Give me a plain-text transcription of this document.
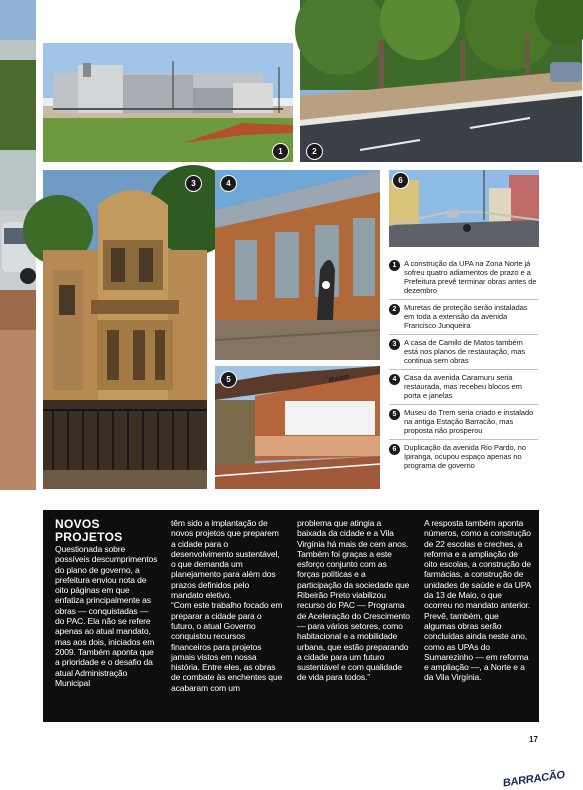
1	2
3	4
BARRACÃO
BARR
5
6
1 A construção da UPA na Zona Norte já sofreu quatro adiamentos de prazo e a Prefeitura prevê terminar obras antes de dezembro
2 Muretas de proteção serão instaladas em toda a extensão da avenida Francisco Junqueira
3 A casa de Camilo de Matos também está nos planos de restauração, mas continua sem obras
4 Casa da avenida Caramuru seria restaurada, mas recebeu blocos em porta e janelas
5 Museu do Trem seria criado e instalado na antiga Estação Barracão, mas proposta não prosperou
6 Duplicação da avenida Rio Pardo, no Ipiranga, ocupou espaço apenas no programa de governo
NOVOS PROJETOS

Questionada sobre possíveis descumprimentos do plano de governo, a prefeitura enviou nota de oito páginas em que enfatiza principalmente as obras — conquistadas — do PAC. Ela não se refere apenas ao atual mandato, mas aos dois, iniciados em 2009. Também aponta que a prioridade e o desafio da atual Administração Municipal

têm sido a implantação de novos projetos que preparem a cidade para o desenvolvimento sustentável, o que demanda um planejamento para além dos prazos definidos pelo mandato eletivo.

“Com este trabalho focado em preparar a cidade para o futuro, o atual Governo conquistou recursos financeiros para projetos jamais vistos em nossa história. Entre eles, as obras de combate às enchentes que acabaram com um

problema que atingia a baixada da cidade e a Vila Virgínia há mais de cem anos. Também foi graças a este esforço conjunto com as forças políticas e a participação da sociedade que Ribeirão Preto viabilizou recurso do PAC — Programa de Aceleração do Crescimento — para vários setores, como habitacional e a mobilidade urbana, que estão preparando a cidade para um futuro sustentável e com qualidade de vida para todos.”

A resposta também aponta números, como a construção de 22 escolas e creches, a reforma e a ampliação de oito escolas, a construção de farmácias, a construção de unidades de saúde e da UPA da 13 de Maio, o que ocorreu no mandato anterior. Prevê, também, que algumas obras serão concluídas ainda neste ano, como as UPAs do Sumarezinho — em reforma e ampliação —, a Norte e a da Vila Virgínia.

17
